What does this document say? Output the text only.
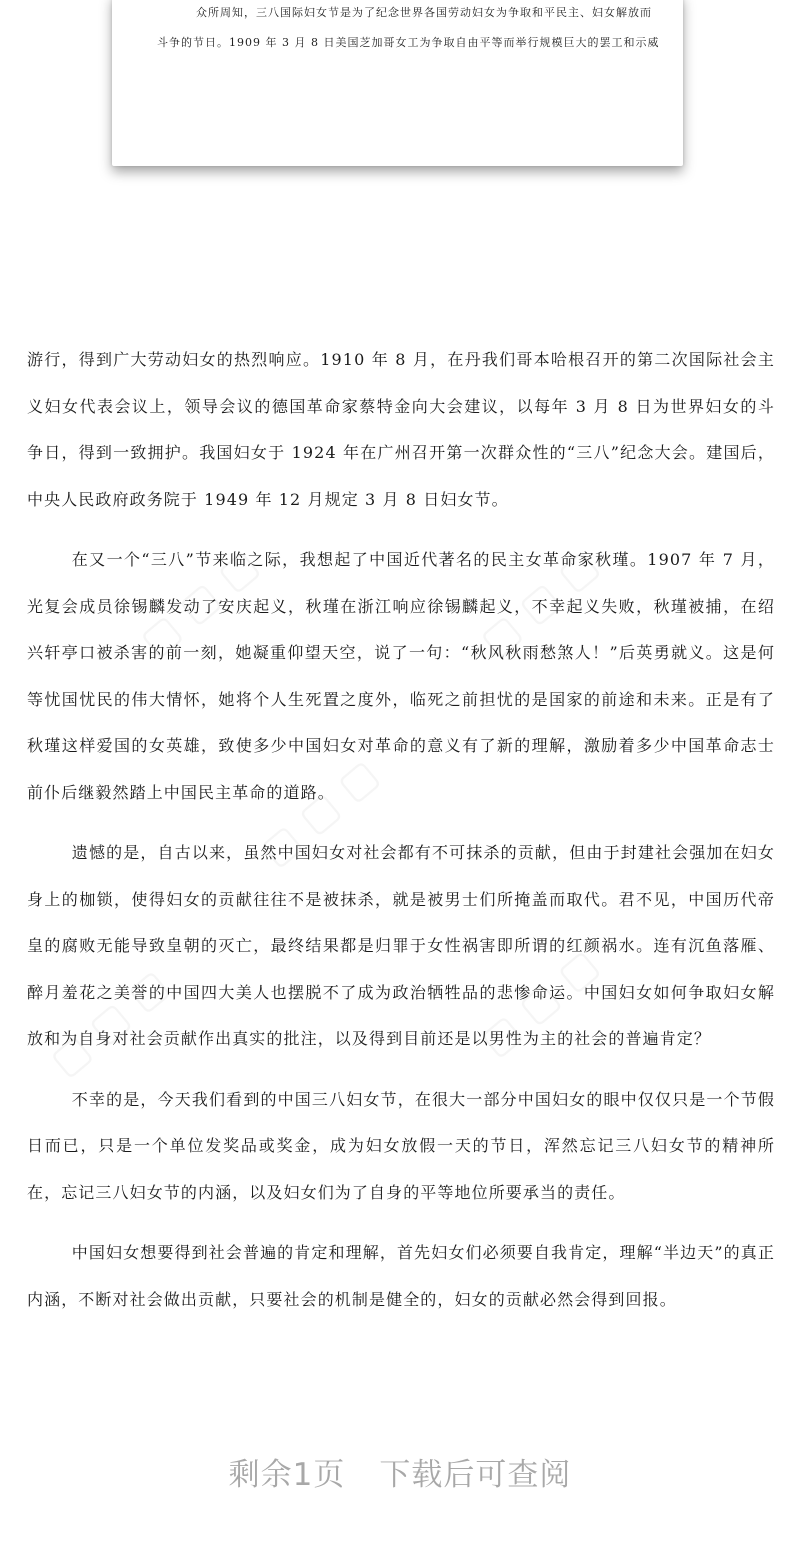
众所周知，三八国际妇女节是为了纪念世界各国劳动妇女为争取和平民主、妇女解放而
斗争的节日。1909 年 3 月 8 日美国芝加哥女工为争取自由平等而举行规模巨大的罢工和示威
▢ ▢ ▢	▢ ▢ ▢
▢ ▢ ▢
▢ ▢ ▢	▢ ▢ ▢

游行，得到广大劳动妇女的热烈响应。1910 年 8 月，在丹我们哥本哈根召开的第二次国际社会主义妇女代表会议上，领导会议的德国革命家蔡特金向大会建议，以每年 3 月 8 日为世界妇女的斗争日，得到一致拥护。我国妇女于 1924 年在广州召开第一次群众性的“三八”纪念大会。建国后，中央人民政府政务院于 1949 年 12 月规定 3 月 8 日妇女节。

在又一个“三八”节来临之际，我想起了中国近代著名的民主女革命家秋瑾。1907 年 7 月，光复会成员徐锡麟发动了安庆起义，秋瑾在浙江响应徐锡麟起义，不幸起义失败，秋瑾被捕，在绍兴轩亭口被杀害的前一刻，她凝重仰望天空，说了一句：“秋风秋雨愁煞人！”后英勇就义。这是何等忧国忧民的伟大情怀，她将个人生死置之度外，临死之前担忧的是国家的前途和未来。正是有了秋瑾这样爱国的女英雄，致使多少中国妇女对革命的意义有了新的理解，激励着多少中国革命志士前仆后继毅然踏上中国民主革命的道路。

遗憾的是，自古以来，虽然中国妇女对社会都有不可抹杀的贡献，但由于封建社会强加在妇女身上的枷锁，使得妇女的贡献往往不是被抹杀，就是被男士们所掩盖而取代。君不见，中国历代帝皇的腐败无能导致皇朝的灭亡，最终结果都是归罪于女性祸害即所谓的红颜祸水。连有沉鱼落雁、醉月羞花之美誉的中国四大美人也摆脱不了成为政治牺牲品的悲惨命运。中国妇女如何争取妇女解放和为自身对社会贡献作出真实的批注，以及得到目前还是以男性为主的社会的普遍肯定？

不幸的是，今天我们看到的中国三八妇女节，在很大一部分中国妇女的眼中仅仅只是一个节假日而已，只是一个单位发奖品或奖金，成为妇女放假一天的节日，浑然忘记三八妇女节的精神所在，忘记三八妇女节的内涵，以及妇女们为了自身的平等地位所要承当的责任。

中国妇女想要得到社会普遍的肯定和理解，首先妇女们必须要自我肯定，理解“半边天”的真正内涵，不断对社会做出贡献，只要社会的机制是健全的，妇女的贡献必然会得到回报。

剩余1页 下载后可查阅
